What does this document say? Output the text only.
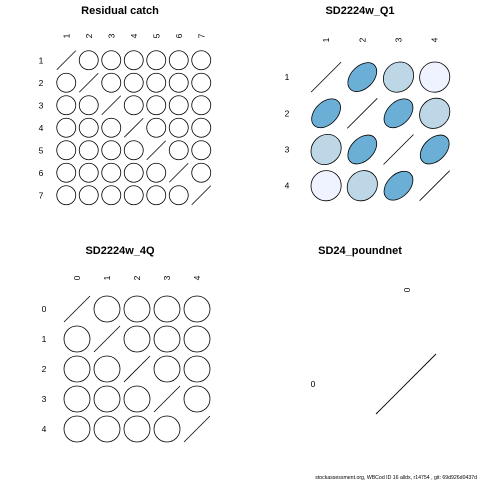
Residual catch
1 2 3 4 5 6 7
1
2
3
4
5
6
7
SD2224w_Q1
1	2	3	4
1
2
3
4
SD2224w_4Q
0 1 2 3 4
0
1
2
3
4
SD24_poundnet
0
0
stockassessment.org, WBCod ID 16 alldx, r14754 , git: 69d926d0437d
